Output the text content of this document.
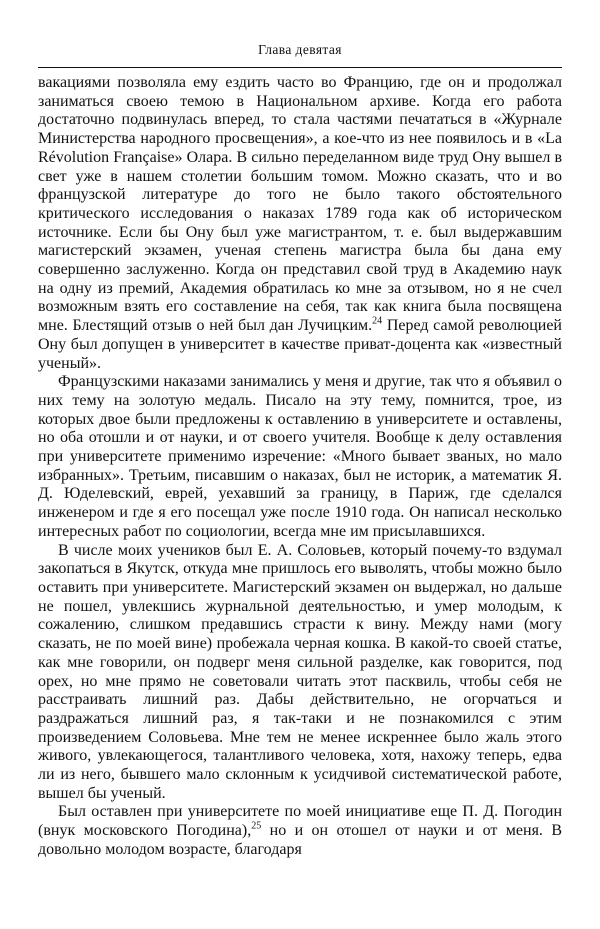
Глава девятая

вакациями позволяла ему ездить часто во Францию, где он и продолжал заниматься своею темою в Национальном архиве. Когда его работа достаточно подвинулась вперед, то стала частями печататься в «Журнале Министерства народного просвещения», а кое-что из нее появилось и в «La Révolution Française» Олара. В сильно переделанном виде труд Ону вышел в свет уже в нашем столетии большим томом. Можно сказать, что и во французской литературе до того не было такого обстоятельного критического исследования о наказах 1789 года как об историческом источнике. Если бы Ону был уже магистрантом, т. е. был выдержавшим магистерский экзамен, ученая степень магистра была бы дана ему совершенно заслуженно. Когда он представил свой труд в Академию наук на одну из премий, Академия обратилась ко мне за отзывом, но я не счел возможным взять его составление на себя, так как книга была посвящена мне. Блестящий отзыв о ней был дан Лучицким.$^{24}$ Перед самой революцией Ону был допущен в университет в качестве приват-доцента как «известный ученый».

Французскими наказами занимались у меня и другие, так что я объявил о них тему на золотую медаль. Писало на эту тему, помнится, трое, из которых двое были предложены к оставлению в университете и оставлены, но оба отошли и от науки, и от своего учителя. Вообще к делу оставления при университете применимо изречение: «Много бывает званых, но мало избранных». Третьим, писавшим о наказах, был не историк, а математик Я. Д. Юделевский, еврей, уехавший за границу, в Париж, где сделался инженером и где я его посещал уже после 1910 года. Он написал несколько интересных работ по социологии, всегда мне им присылавшихся.

В числе моих учеников был Е. А. Соловьев, который почему-то вздумал закопаться в Якутск, откуда мне пришлось его выволять, чтобы можно было оставить при университете. Магистерский экзамен он выдержал, но дальше не пошел, увлекшись журнальной деятельностью, и умер молодым, к сожалению, слишком предавшись страсти к вину. Между нами (могу сказать, не по моей вине) пробежала черная кошка. В какой-то своей статье, как мне говорили, он подверг меня сильной разделке, как говорится, под орех, но мне прямо не советовали читать этот пасквиль, чтобы себя не расстраивать лишний раз. Дабы действительно, не огорчаться и раздражаться лишний раз, я так-таки и не познакомился с этим произведением Соловьева. Мне тем не менее искреннее было жаль этого живого, увлекающегося, талантливого человека, хотя, нахожу теперь, едва ли из него, бывшего мало склонным к усидчивой систематической работе, вышел бы ученый.

Был оставлен при университете по моей инициативе еще П. Д. Погодин (внук московского Погодина),$^{25}$ но и он отошел от науки и от меня. В довольно молодом возрасте, благодаря
